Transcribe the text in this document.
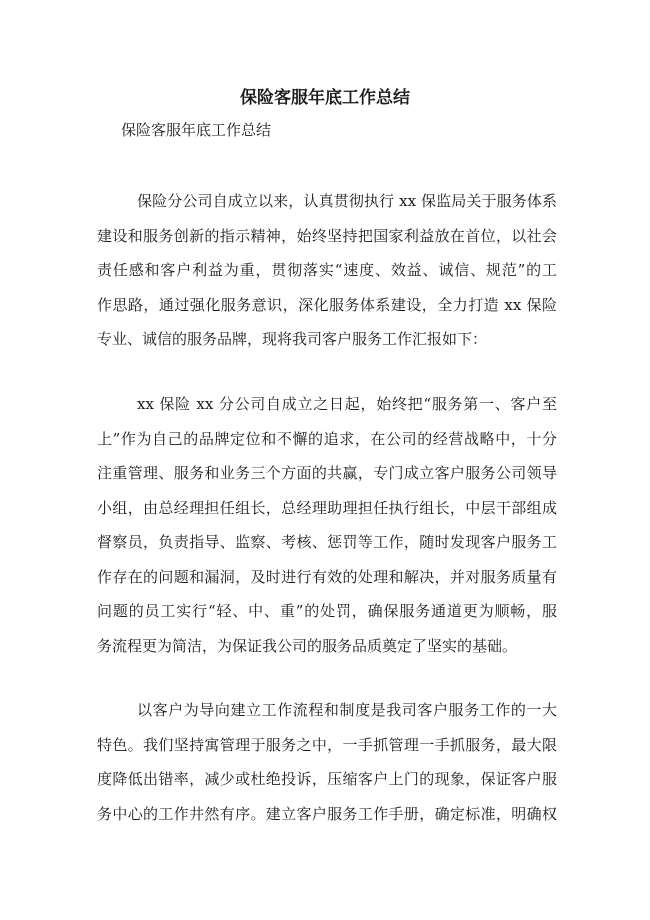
保险客服年底工作总结

保险客服年底工作总结

保险分公司自成立以来，认真贯彻执行 xx 保监局关于服务体系
建设和服务创新的指示精神，始终坚持把国家利益放在首位，以社会
责任感和客户利益为重，贯彻落实“速度、效益、诚信、规范”的工
作思路，通过强化服务意识，深化服务体系建设，全力打造 xx 保险
专业、诚信的服务品牌，现将我司客户服务工作汇报如下：
xx 保险 xx 分公司自成立之日起，始终把“服务第一、客户至
上”作为自己的品牌定位和不懈的追求，在公司的经营战略中，十分
注重管理、服务和业务三个方面的共赢，专门成立客户服务公司领导
小组，由总经理担任组长，总经理助理担任执行组长，中层干部组成
督察员，负责指导、监察、考核、惩罚等工作，随时发现客户服务工
作存在的问题和漏洞，及时进行有效的处理和解决，并对服务质量有
问题的员工实行“轻、中、重”的处罚，确保服务通道更为顺畅，服
务流程更为简洁，为保证我公司的服务品质奠定了坚实的基础。
以客户为导向建立工作流程和制度是我司客户服务工作的一大
特色。我们坚持寓管理于服务之中，一手抓管理一手抓服务，最大限
度降低出错率，减少或杜绝投诉，压缩客户上门的现象，保证客户服
务中心的工作井然有序。建立客户服务工作手册，确定标准，明确权
